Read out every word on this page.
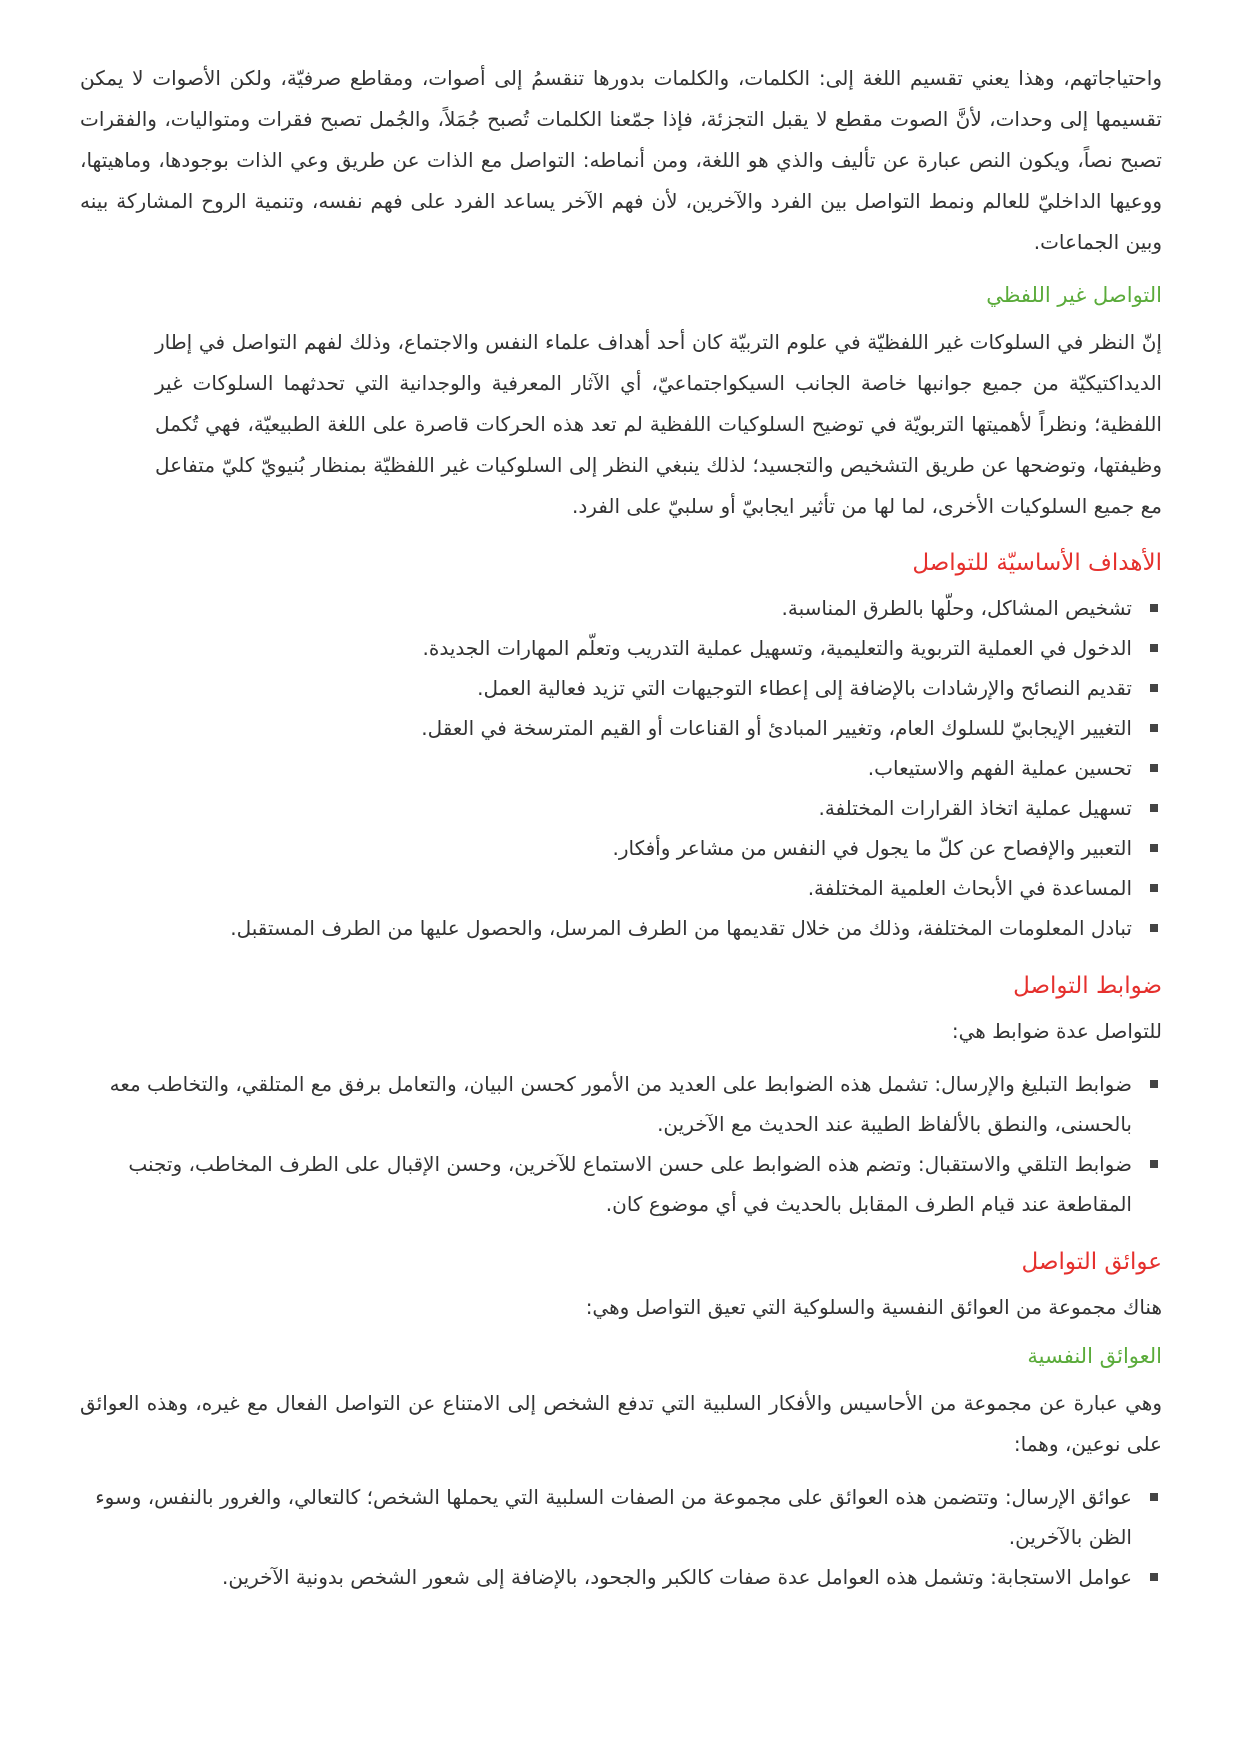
واحتياجاتهم، وهذا يعني تقسيم اللغة إلى: الكلمات، والكلمات بدورها تنقسمُ إلى أصوات، ومقاطع صرفيّة، ولكن الأصوات لا يمكن تقسيمها إلى وحدات، لأنَّ الصوت مقطع لا يقبل التجزئة، فإذا جمّعنا الكلمات تُصبح جُمَلاً، والجُمل تصبح فقرات ومتواليات، والفقرات تصبح نصاً، ويكون النص عبارة عن تأليف والذي هو اللغة، ومن أنماطه: التواصل مع الذات عن طريق وعي الذات بوجودها، وماهيتها، ووعيها الداخليّ للعالم ونمط التواصل بين الفرد والآخرين، لأن فهم الآخر يساعد الفرد على فهم نفسه، وتنمية الروح المشاركة بينه وبين الجماعات.

التواصل غير اللفظي

إنّ النظر في السلوكات غير اللفظيّة في علوم التربيّة كان أحد أهداف علماء النفس والاجتماع، وذلك لفهم التواصل في إطار الديداكتيكيّة من جميع جوانبها خاصة الجانب السيكواجتماعيّ، أي الآثار المعرفية والوجدانية التي تحدثهما السلوكات غير اللفظية؛ ونظراً لأهميتها التربويّة في توضيح السلوكيات اللفظية لم تعد هذه الحركات قاصرة على اللغة الطبيعيّة، فهي تُكمل وظيفتها، وتوضحها عن طريق التشخيص والتجسيد؛ لذلك ينبغي النظر إلى السلوكيات غير اللفظيّة بمنظار بُنيويّ كليّ متفاعل مع جميع السلوكيات الأخرى، لما لها من تأثير ايجابيّ أو سلبيّ على الفرد.

الأهداف الأساسيّة للتواصل
تشخيص المشاكل، وحلّها بالطرق المناسبة.
الدخول في العملية التربوية والتعليمية، وتسهيل عملية التدريب وتعلّم المهارات الجديدة.
تقديم النصائح والإرشادات بالإضافة إلى إعطاء التوجيهات التي تزيد فعالية العمل.
التغيير الإيجابيّ للسلوك العام، وتغيير المبادئ أو القناعات أو القيم المترسخة في العقل.
تحسين عملية الفهم والاستيعاب.
تسهيل عملية اتخاذ القرارات المختلفة.
التعبير والإفصاح عن كلّ ما يجول في النفس من مشاعر وأفكار.
المساعدة في الأبحاث العلمية المختلفة.
تبادل المعلومات المختلفة، وذلك من خلال تقديمها من الطرف المرسل، والحصول عليها من الطرف المستقبل.
ضوابط التواصل

للتواصل عدة ضوابط هي:

ضوابط التبليغ والإرسال: تشمل هذه الضوابط على العديد من الأمور كحسن البيان، والتعامل برفق مع المتلقي، والتخاطب معه بالحسنى، والنطق بالألفاظ الطيبة عند الحديث مع الآخرين.
ضوابط التلقي والاستقبال: وتضم هذه الضوابط على حسن الاستماع للآخرين، وحسن الإقبال على الطرف المخاطب، وتجنب المقاطعة عند قيام الطرف المقابل بالحديث في أي موضوع كان.
عوائق التواصل

هناك مجموعة من العوائق النفسية والسلوكية التي تعيق التواصل وهي:

العوائق النفسية

وهي عبارة عن مجموعة من الأحاسيس والأفكار السلبية التي تدفع الشخص إلى الامتناع عن التواصل الفعال مع غيره، وهذه العوائق على نوعين، وهما:

عوائق الإرسال: وتتضمن هذه العوائق على مجموعة من الصفات السلبية التي يحملها الشخص؛ كالتعالي، والغرور بالنفس، وسوء الظن بالآخرين.
عوامل الاستجابة: وتشمل هذه العوامل عدة صفات كالكبر والجحود، بالإضافة إلى شعور الشخص بدونية الآخرين.
